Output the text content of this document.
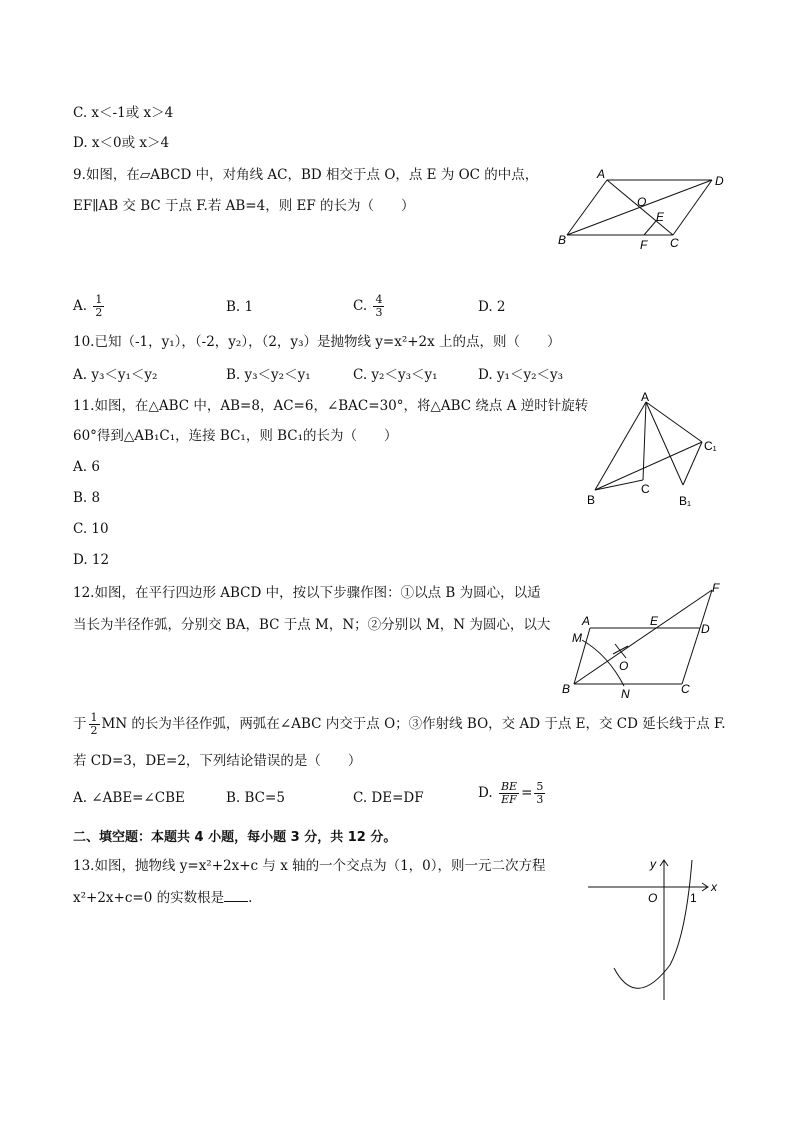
C. x＜-1或 x＞4
D. x＜0或 x＞4
9.如图，在▱ABCD 中，对角线 AC，BD 相交于点 O，点 E 为 OC 的中点，
EF∥AB 交 BC 于点 F.若 AB=4，则 EF 的长为（　　）
A	D
B	C
O
E
F
A. $\frac{1}{2}$	B. 1	C. $\frac{4}{3}$	D. 2
10.已知（-1，y₁），（-2，y₂），（2，y₃）是抛物线 y=x²+2x 上的点，则（　　）
A. y₃＜y₁＜y₂	B. y₃＜y₂＜y₁	C. y₂＜y₃＜y₁	D. y₁＜y₂＜y₃
11.如图，在△ABC 中，AB=8，AC=6，∠BAC=30°，将△ABC 绕点 A 逆时针旋转
60°得到△AB₁C₁，连接 BC₁，则 BC₁的长为（　　）
A. 6
B. 8
C. 10
D. 12
A
B
C
B₁
C₁
12.如图，在平行四边形 ABCD 中，按以下步骤作图：①以点 B 为圆心，以适
当长为半径作弧，分别交 BA，BC 于点 M，N；②分别以 M，N 为圆心，以大
于 $\frac{1}{2}$ MN 的长为半径作弧，两弧在∠ABC 内交于点 O；③作射线 BO，交 AD 于点 E，交 CD 延长线于点 F.
若 CD=3，DE=2，下列结论错误的是（　　）
A	E
D
F
M
O
B	N	C
A. ∠ABE=∠CBE	B. BC=5	C. DE=DF	D. $\frac{BE}{EF} = \frac{5}{3}$
二、填空题：本题共 4 小题，每小题 3 分，共 12 分。
13.如图，抛物线 y=x²+2x+c 与 x 轴的一个交点为（1，0），则一元二次方程
x²+2x+c=0 的实数根是 .
y
x
O	1
